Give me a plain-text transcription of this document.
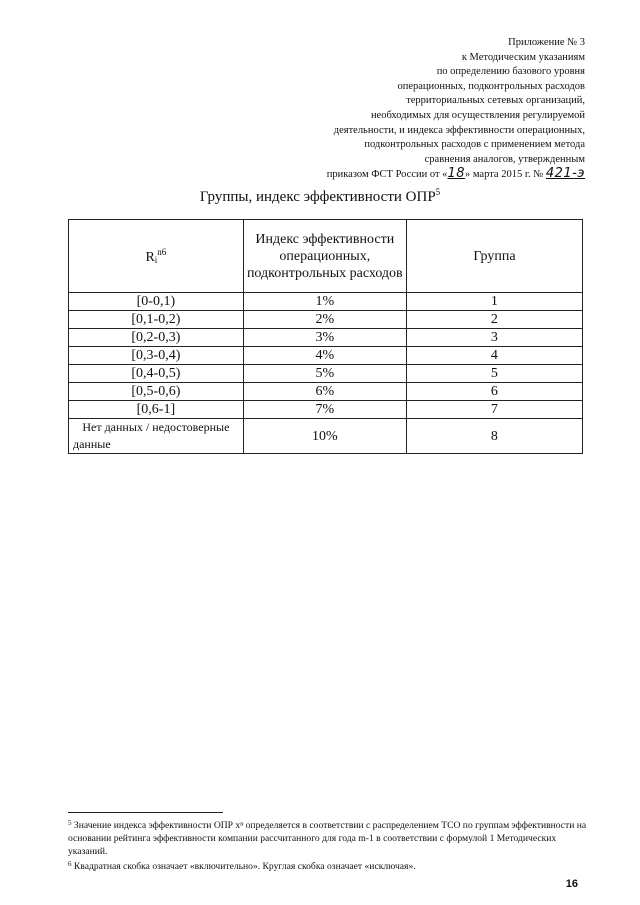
Приложение № 3
к Методическим указаниям
по определению базового уровня
операционных, подконтрольных расходов
территориальных сетевых организаций,
необходимых для осуществления регулируемой
деятельности, и индекса эффективности операционных,
подконтрольных расходов с применением метода
сравнения аналогов, утвержденным
приказом ФСТ России от «18» марта 2015 г. № 421-э
Группы, индекс эффективности ОПР$^5$
$R_i^{n6}$	Индекс эффективности операционных, подконтрольных расходов	Группа
[0-0,1)	1%	1
[0,1-0,2)	2%	2
[0,2-0,3)	3%	3
[0,3-0,4)	4%	4
[0,4-0,5)	5%	5
[0,5-0,6)	6%	6
[0,6-1]	7%	7
Нет данных / недостоверные данные	10%	8

$^5$ Значение индекса эффективности ОПР xⁿ определяется в соответствии с распределением ТСО по группам эффективности на основании рейтинга эффективности компании рассчитанного для года m-1 в соответствии с формулой 1 Методических указаний.

$^6$ Квадратная скобка означает «включительно». Круглая скобка означает «исключая».

16
